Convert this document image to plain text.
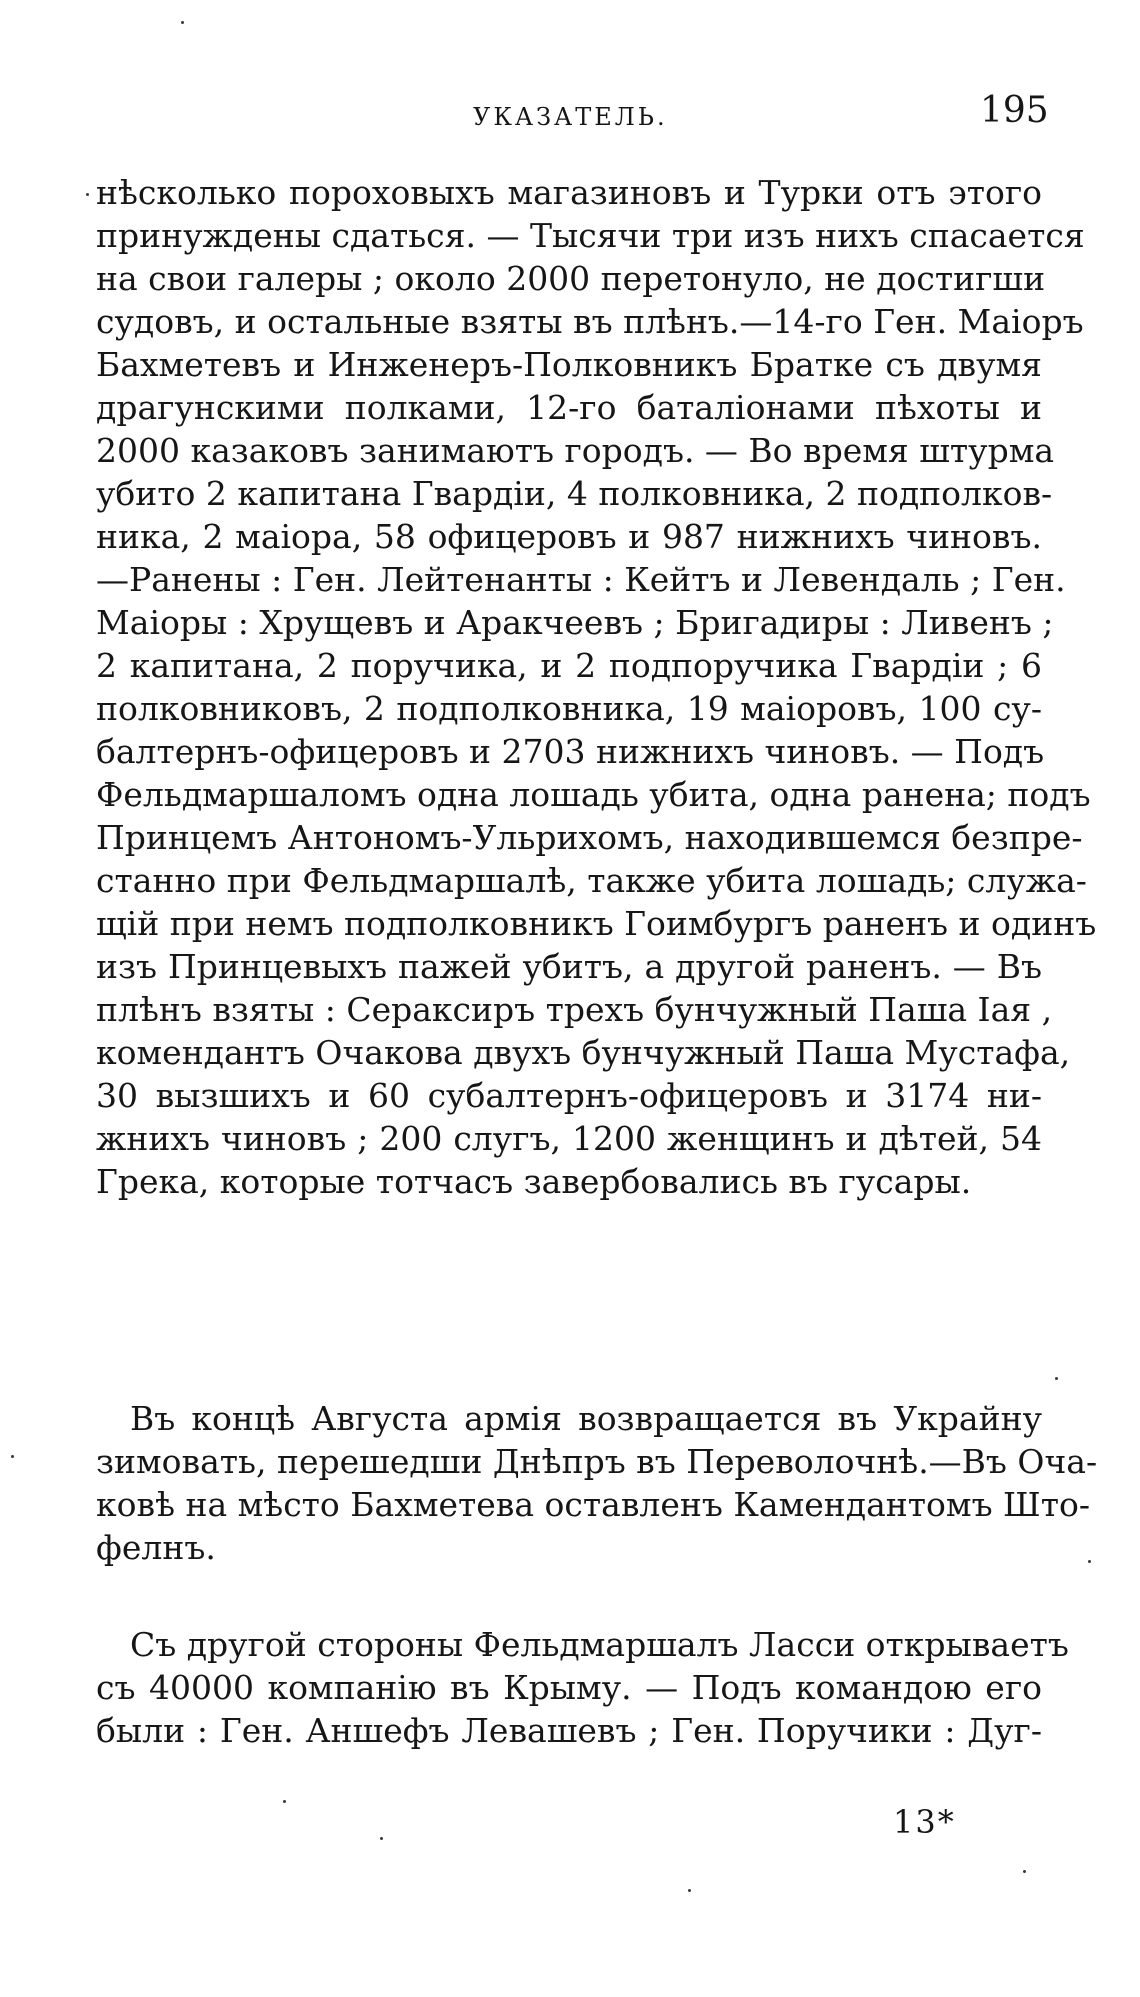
УКАЗАТЕЛЬ.	195
нѣсколько пороховыхъ магазиновъ и Турки отъ этого
принуждены сдаться. — Тысячи три изъ нихъ спасается
на свои галеры ; около 2000 перетонуло, не достигши
судовъ, и остальные взяты въ плѣнъ.—14-го Ген. Маіоръ
Бахметевъ и Инженеръ-Полковникъ Братке съ двумя
драгунскими полками, 12-го баталіонами пѣхоты и
2000 казаковъ занимаютъ городъ. — Во время штурма
убито 2 капитана Гвардіи, 4 полковника, 2 подполков-
ника, 2 маіора, 58 офицеровъ и 987 нижнихъ чиновъ.
—Ранены : Ген. Лейтенанты : Кейтъ и Левендаль ; Ген.
Маіоры : Хрущевъ и Аракчеевъ ; Бригадиры : Ливенъ ;
2 капитана, 2 поручика, и 2 подпоручика Гвардіи ; 6
полковниковъ, 2 подполковника, 19 маіоровъ, 100 су-
балтернъ-офицеровъ и 2703 нижнихъ чиновъ. — Подъ
Фельдмаршаломъ одна лошадь убита, одна ранена; подъ
Принцемъ Антономъ-Ульрихомъ, находившемся безпре-
станно при Фельдмаршалѣ, также убита лошадь; служа-
щій при немъ подполковникъ Гоимбургъ раненъ и одинъ
изъ Принцевыхъ пажей убитъ, а другой раненъ. — Въ
плѣнъ взяты : Сераксиръ трехъ бунчужный Паша Іая ,
комендантъ Очакова двухъ бунчужный Паша Мустафа,
30 вызшихъ и 60 субалтернъ-офицеровъ и 3174 ни-
жнихъ чиновъ ; 200 слугъ, 1200 женщинъ и дѣтей, 54
Грека, которые тотчасъ завербовались въ гусары.
Въ концѣ Августа армія возвращается въ Украйну
зимовать, перешедши Днѣпръ въ Переволочнѣ.—Въ Оча-
ковѣ на мѣсто Бахметева оставленъ Камендантомъ Што-
фелнъ.
Съ другой стороны Фельдмаршалъ Ласси открываетъ
съ 40000 компанію въ Крыму. — Подъ командою его
были : Ген. Аншефъ Левашевъ ; Ген. Поручики : Дуг-
13*
